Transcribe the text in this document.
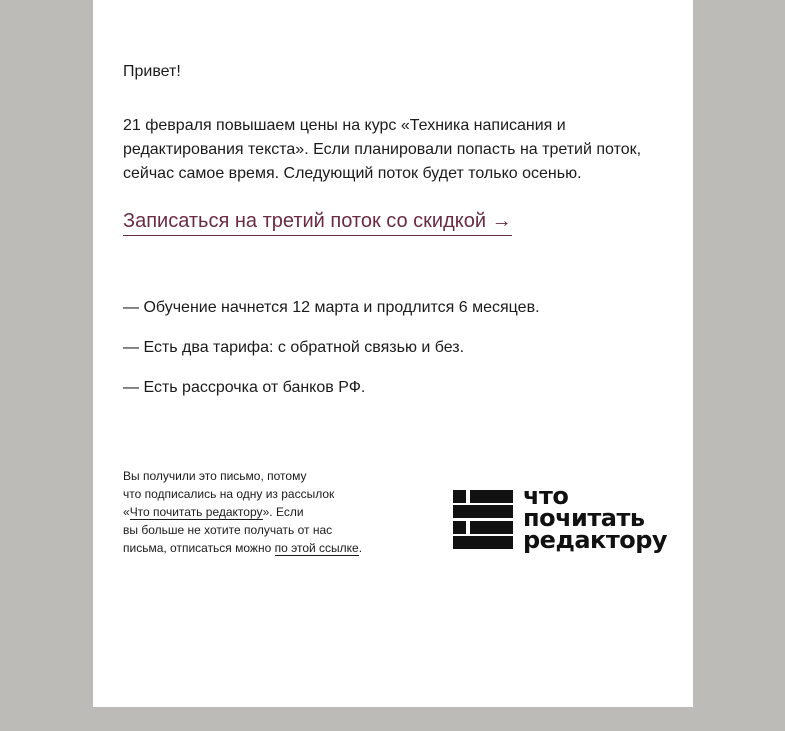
Привет!
21 февраля повышаем цены на курс «Техника написания и редактирования текста». Если планировали попасть на третий поток, сейчас самое время. Следующий поток будет только осенью.
Записаться на третий поток со скидкой →
— Обучение начнется 12 марта и продлится 6 месяцев.
— Есть два тарифа: с обратной связью и без.
— Есть рассрочка от банков РФ.
Вы получили это письмо, потому
что подписались на одну из рассылок
«Что почитать редактору». Если
вы больше не хотите получать от нас
письма, отписаться можно по этой ссылке.
что
почитать
редактору
